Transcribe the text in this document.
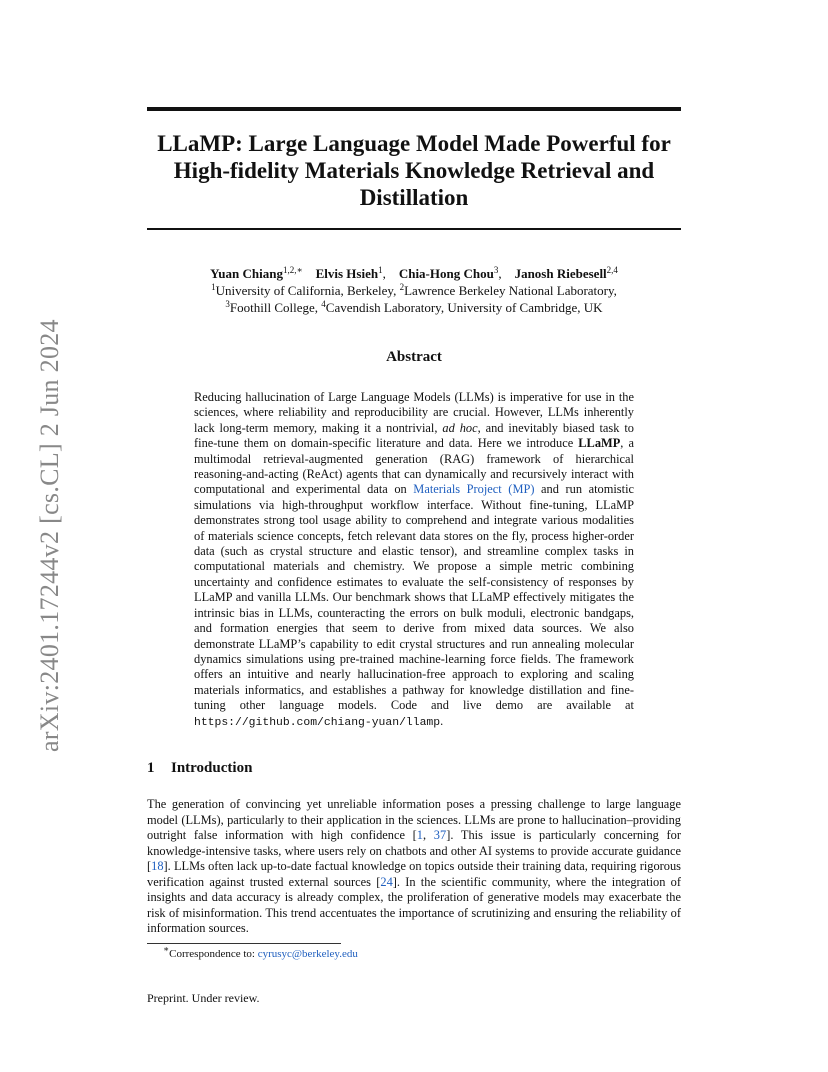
arXiv:2401.17244v2 [cs.CL] 2 Jun 2024
LLaMP: Large Language Model Made Powerful for
High-fidelity Materials Knowledge Retrieval and
Distillation
Yuan Chiang$^{1,2,∗}$ Elvis Hsieh$^1$,    Chia-Hong Chou$^3$,    Janosh Riebesell$^{2,4}$
$^1$University of California, Berkeley, $^2$Lawrence Berkeley National Laboratory,
$^3$Foothill College, $^4$Cavendish Laboratory, University of Cambridge, UK
Abstract
Reducing hallucination of Large Language Models (LLMs) is imperative for use in the sciences, where reliability and reproducibility are crucial. However, LLMs inherently lack long-term memory, making it a nontrivial, ad hoc, and inevitably biased task to fine-tune them on domain-specific literature and data. Here we introduce LLaMP, a multimodal retrieval-augmented generation (RAG) framework of hierarchical reasoning-and-acting (ReAct) agents that can dynamically and recursively interact with computational and experimental data on Materials Project (MP) and run atomistic simulations via high-throughput workflow interface. Without fine-tuning, LLaMP demonstrates strong tool usage ability to comprehend and integrate various modalities of materials science concepts, fetch relevant data stores on the fly, process higher-order data (such as crystal structure and elastic tensor), and streamline complex tasks in computational materials and chemistry. We propose a simple metric combining uncertainty and confidence estimates to evaluate the self-consistency of responses by LLaMP and vanilla LLMs. Our benchmark shows that LLaMP effectively mitigates the intrinsic bias in LLMs, counteracting the errors on bulk moduli, electronic bandgaps, and formation energies that seem to derive from mixed data sources. We also demonstrate LLaMP’s capability to edit crystal structures and run annealing molecular dynamics simulations using pre-trained machine-learning force fields. The framework offers an intuitive and nearly hallucination-free approach to exploring and scaling materials informatics, and establishes a pathway for knowledge distillation and fine-tuning other language models. Code and live demo are available at https://github.com/chiang-yuan/llamp.
1 Introduction
The generation of convincing yet unreliable information poses a pressing challenge to large language model (LLMs), particularly to their application in the sciences. LLMs are prone to hallucination–providing outright false information with high confidence [1, 37]. This issue is particularly concerning for knowledge-intensive tasks, where users rely on chatbots and other AI systems to provide accurate guidance [18]. LLMs often lack up-to-date factual knowledge on topics outside their training data, requiring rigorous verification against trusted external sources [24]. In the scientific community, where the integration of insights and data accuracy is already complex, the proliferation of generative models may exacerbate the risk of misinformation. This trend accentuates the importance of scrutinizing and ensuring the reliability of information sources.
∗Correspondence to: cyrusyc@berkeley.edu
Preprint. Under review.
